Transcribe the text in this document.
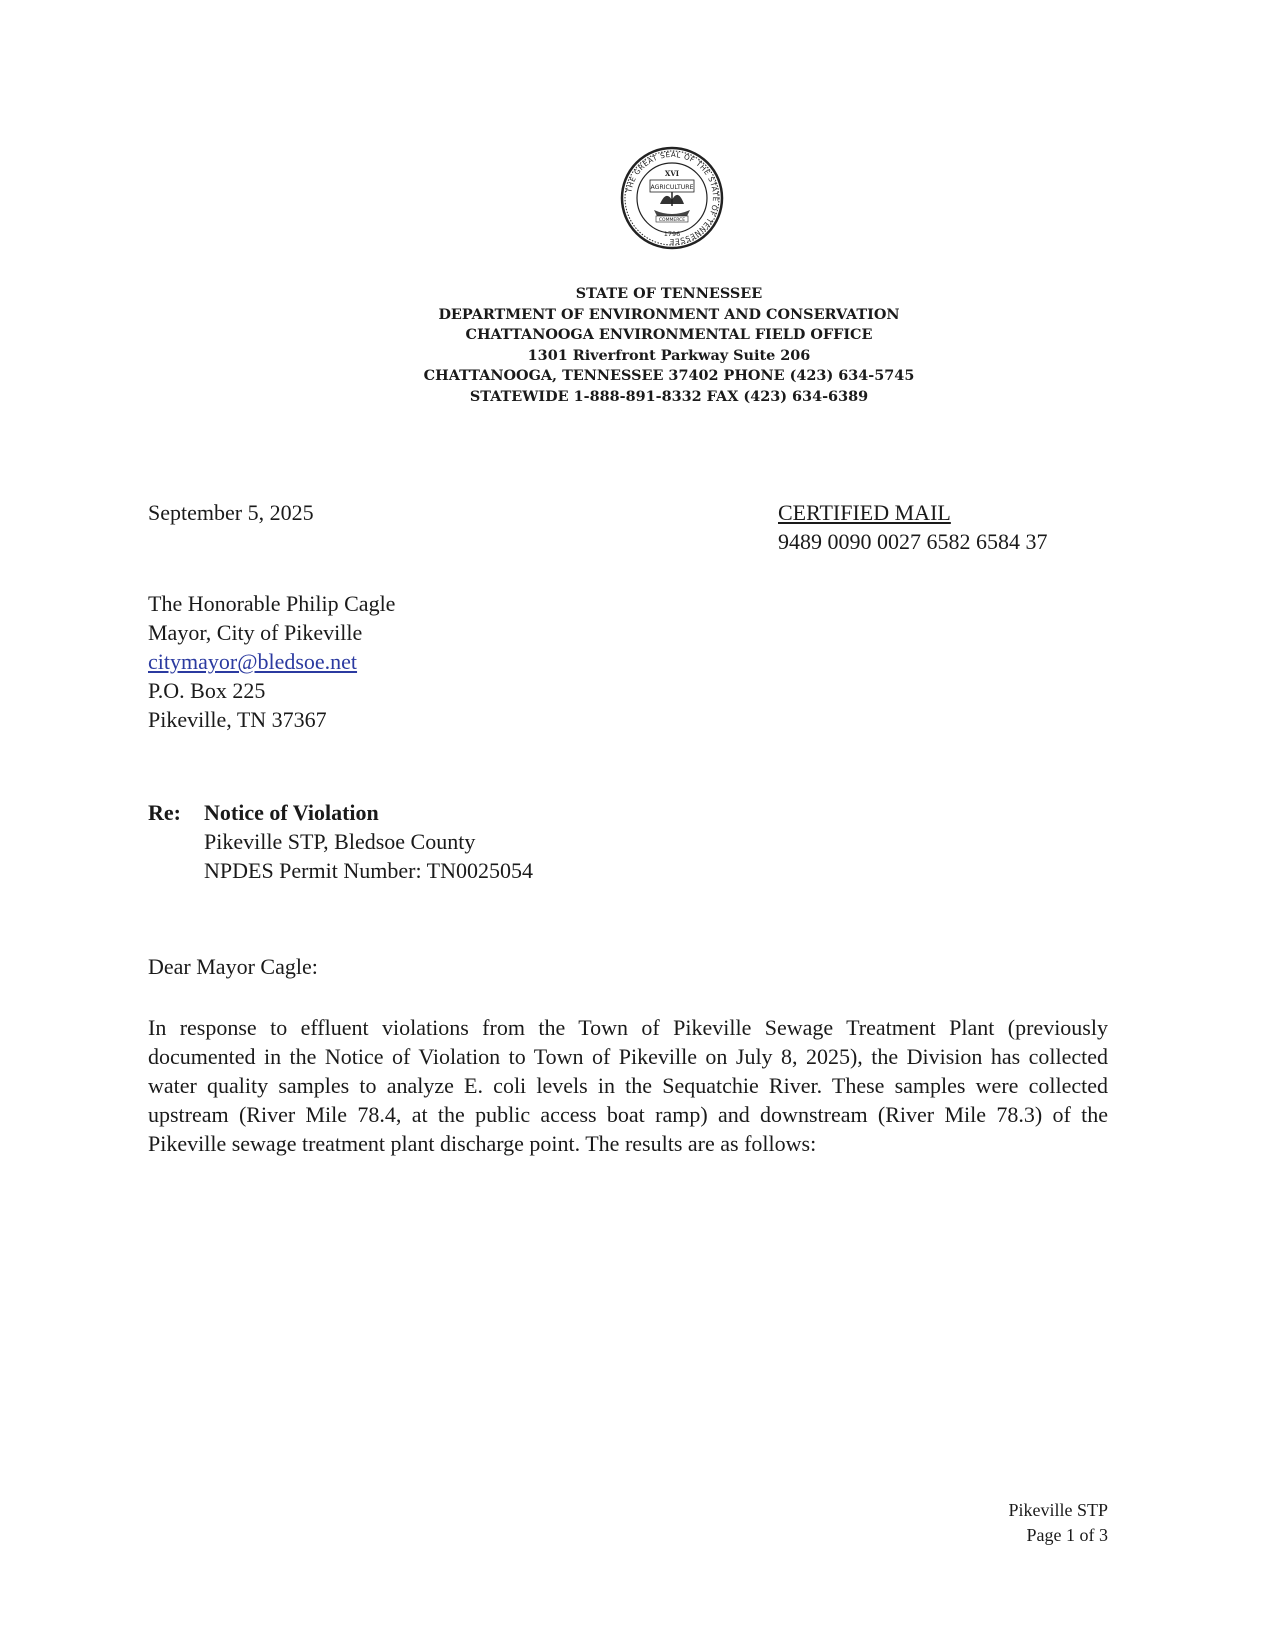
THE GREAT SEAL OF THE STATE OF TENNESSEE
XVI
AGRICULTURE
COMMERCE
1796
STATE OF TENNESSEE
DEPARTMENT OF ENVIRONMENT AND CONSERVATION
CHATTANOOGA ENVIRONMENTAL FIELD OFFICE
1301 Riverfront Parkway Suite 206
CHATTANOOGA, TENNESSEE 37402 PHONE (423) 634-5745
STATEWIDE 1-888-891-8332 FAX (423) 634-6389
September 5, 2025	CERTIFIED MAIL
9489 0090 0027 6582 6584 37
The Honorable Philip Cagle
Mayor, City of Pikeville
citymayor@bledsoe.net
P.O. Box 225
Pikeville, TN 37367
Re: Notice of Violation
Pikeville STP, Bledsoe County
NPDES Permit Number: TN0025054
Dear Mayor Cagle:

In response to effluent violations from the Town of Pikeville Sewage Treatment Plant (previously documented in the Notice of Violation to Town of Pikeville on July 8, 2025), the Division has collected water quality samples to analyze E. coli levels in the Sequatchie River. These samples were collected upstream (River Mile 78.4, at the public access boat ramp) and downstream (River Mile 78.3) of the Pikeville sewage treatment plant discharge point. The results are as follows:

Pikeville STP
Page 1 of 3
